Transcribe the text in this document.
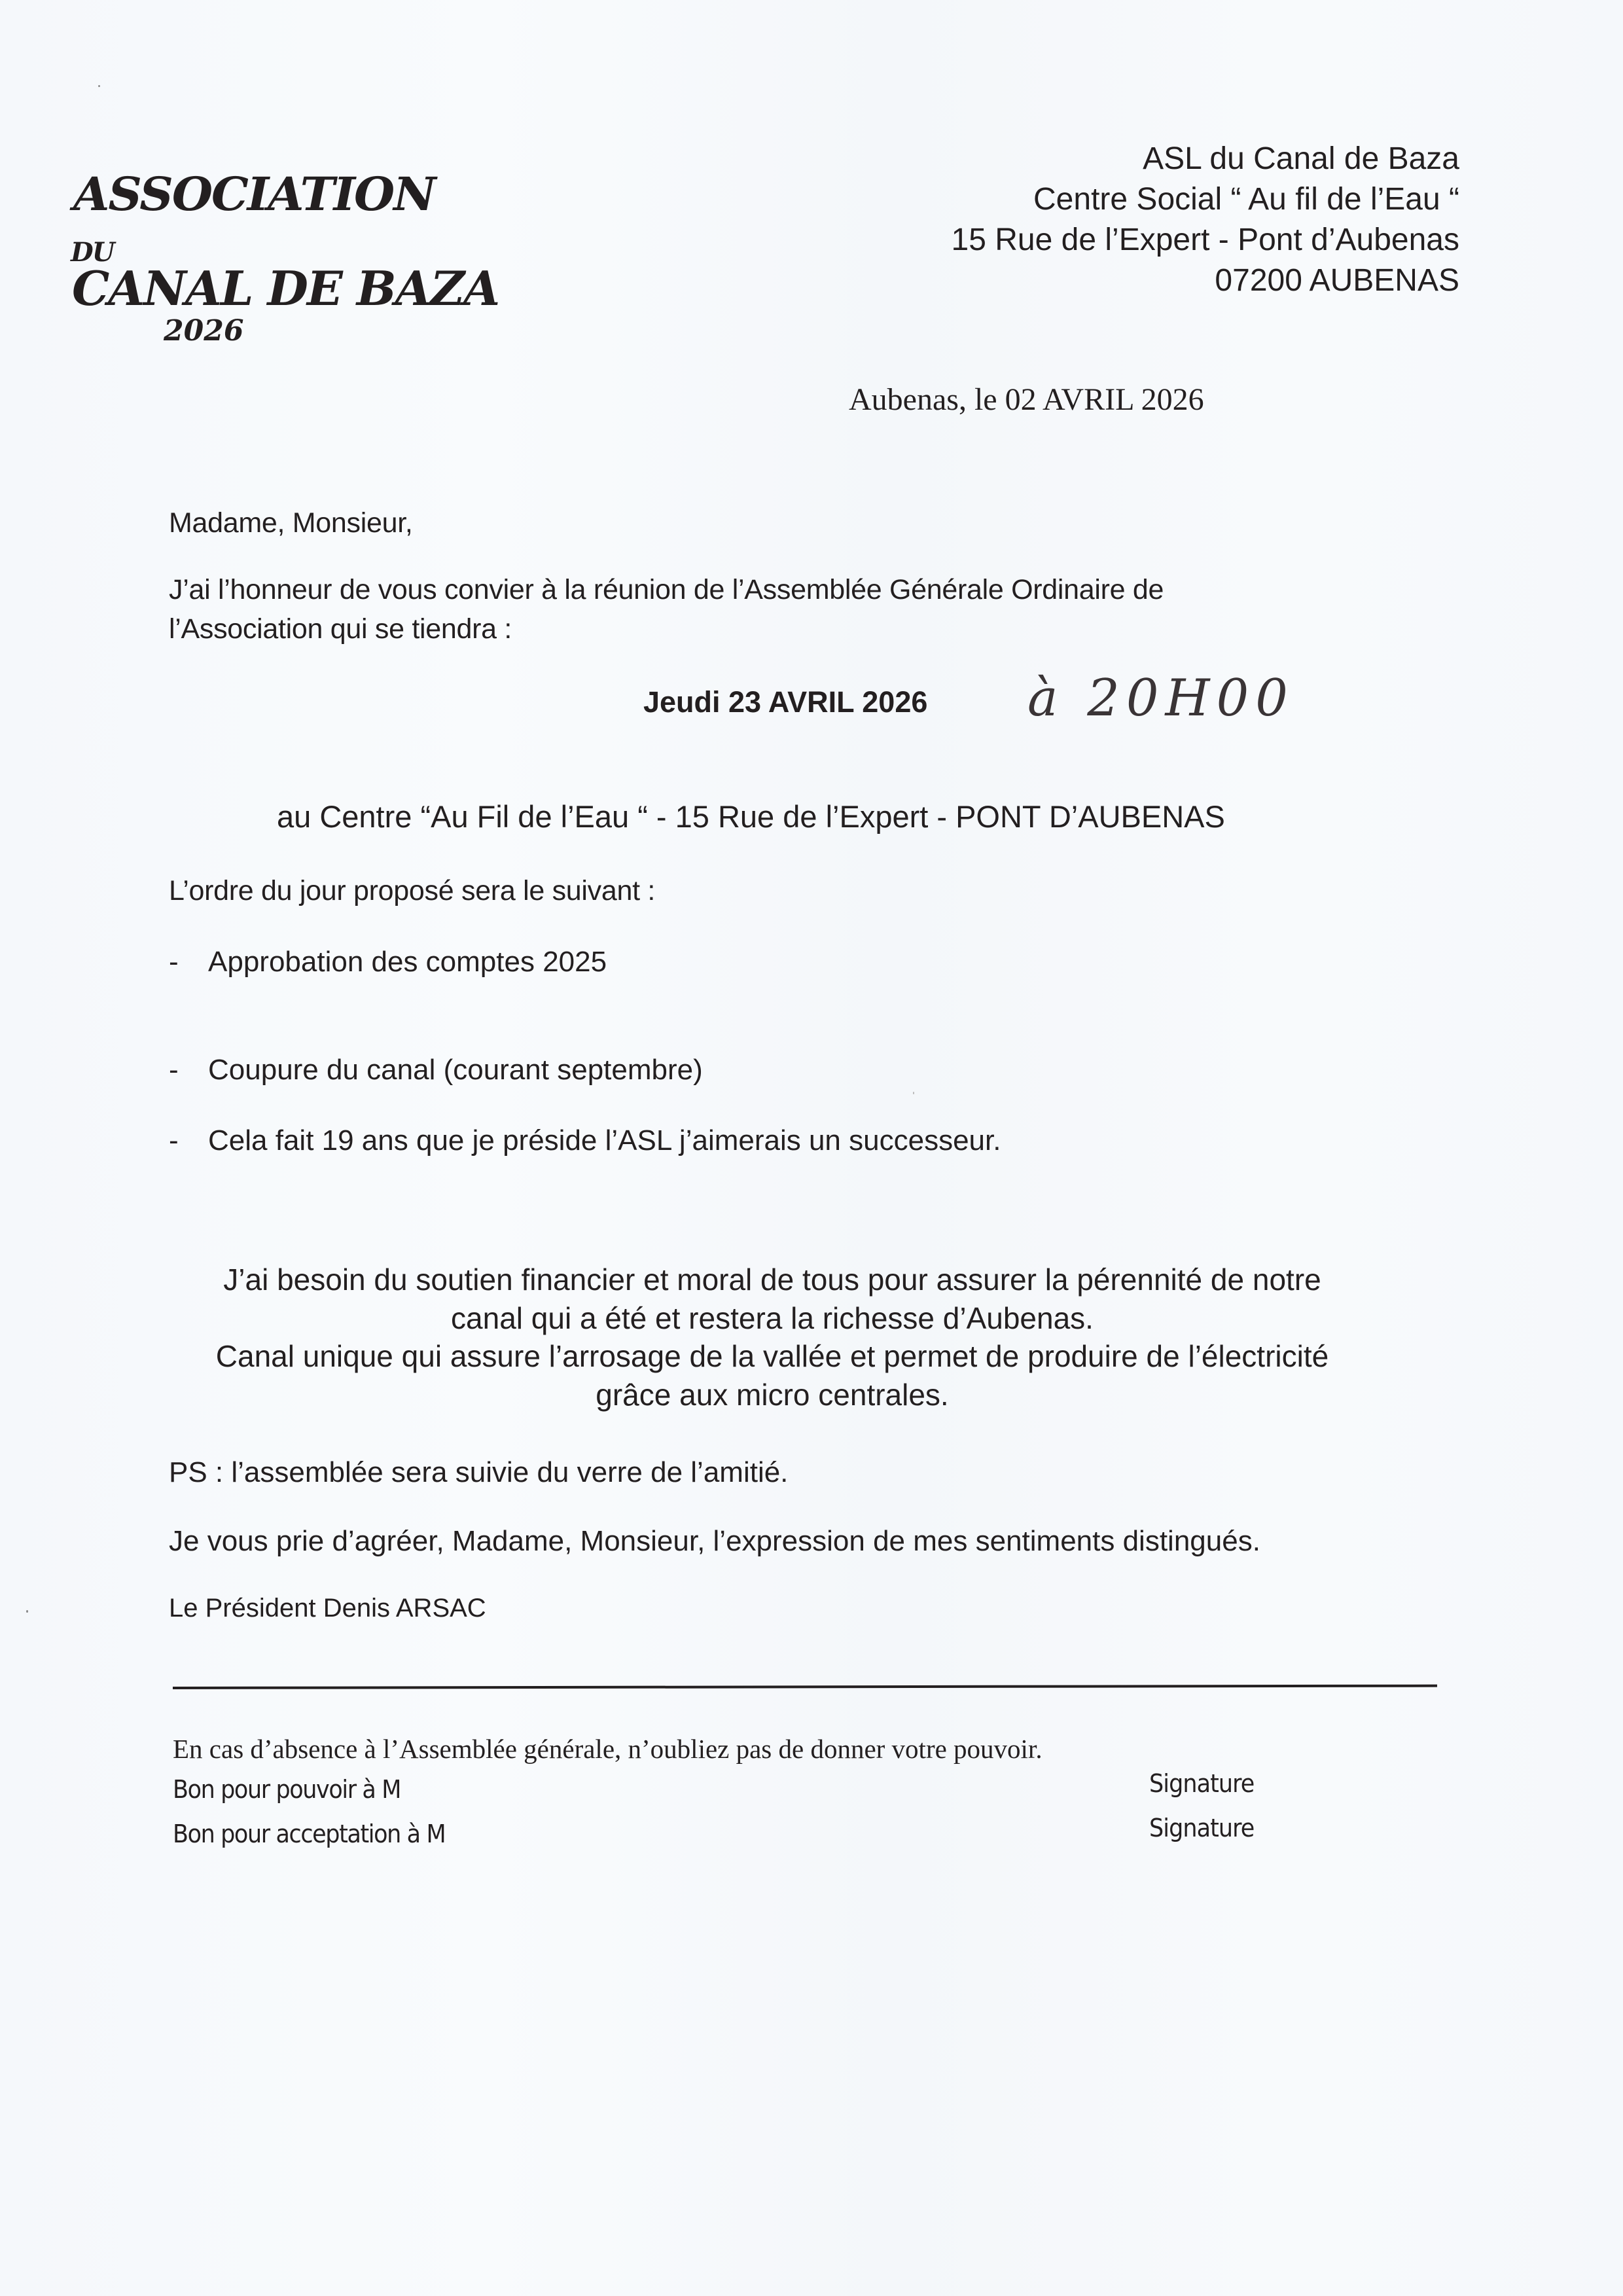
ASSOCIATION
DU
CANAL DE BAZA
2026
ASL du Canal de Baza
Centre Social “ Au fil de l’Eau “
15 Rue de l’Expert - Pont d’Aubenas
07200 AUBENAS
Aubenas, le 02 AVRIL 2026
Madame, Monsieur,
J’ai l’honneur de vous convier à la réunion de l’Assemblée Générale Ordinaire de
l’Association qui se tiendra :
Jeudi 23 AVRIL 2026 à 20H00
au Centre “Au Fil de l’Eau “ - 15 Rue de l’Expert - PONT D’AUBENAS
L’ordre du jour proposé sera le suivant :
- Approbation des comptes 2025
- Coupure du canal (courant septembre)
- Cela fait 19 ans que je préside l’ASL j’aimerais un successeur.
J’ai besoin du soutien financier et moral de tous pour assurer la pérennité de notre
canal qui a été et restera la richesse d’Aubenas.
Canal unique qui assure l’arrosage de la vallée et permet de produire de l’électricité
grâce aux micro centrales.
PS : l’assemblée sera suivie du verre de l’amitié.
Je vous prie d’agréer, Madame, Monsieur, l’expression de mes sentiments distingués.
Le Président Denis ARSAC
En cas d’absence à l’Assemblée générale, n’oubliez pas de donner votre pouvoir.
Bon pour pouvoir à M	Signature
Bon pour acceptation à M	Signature
